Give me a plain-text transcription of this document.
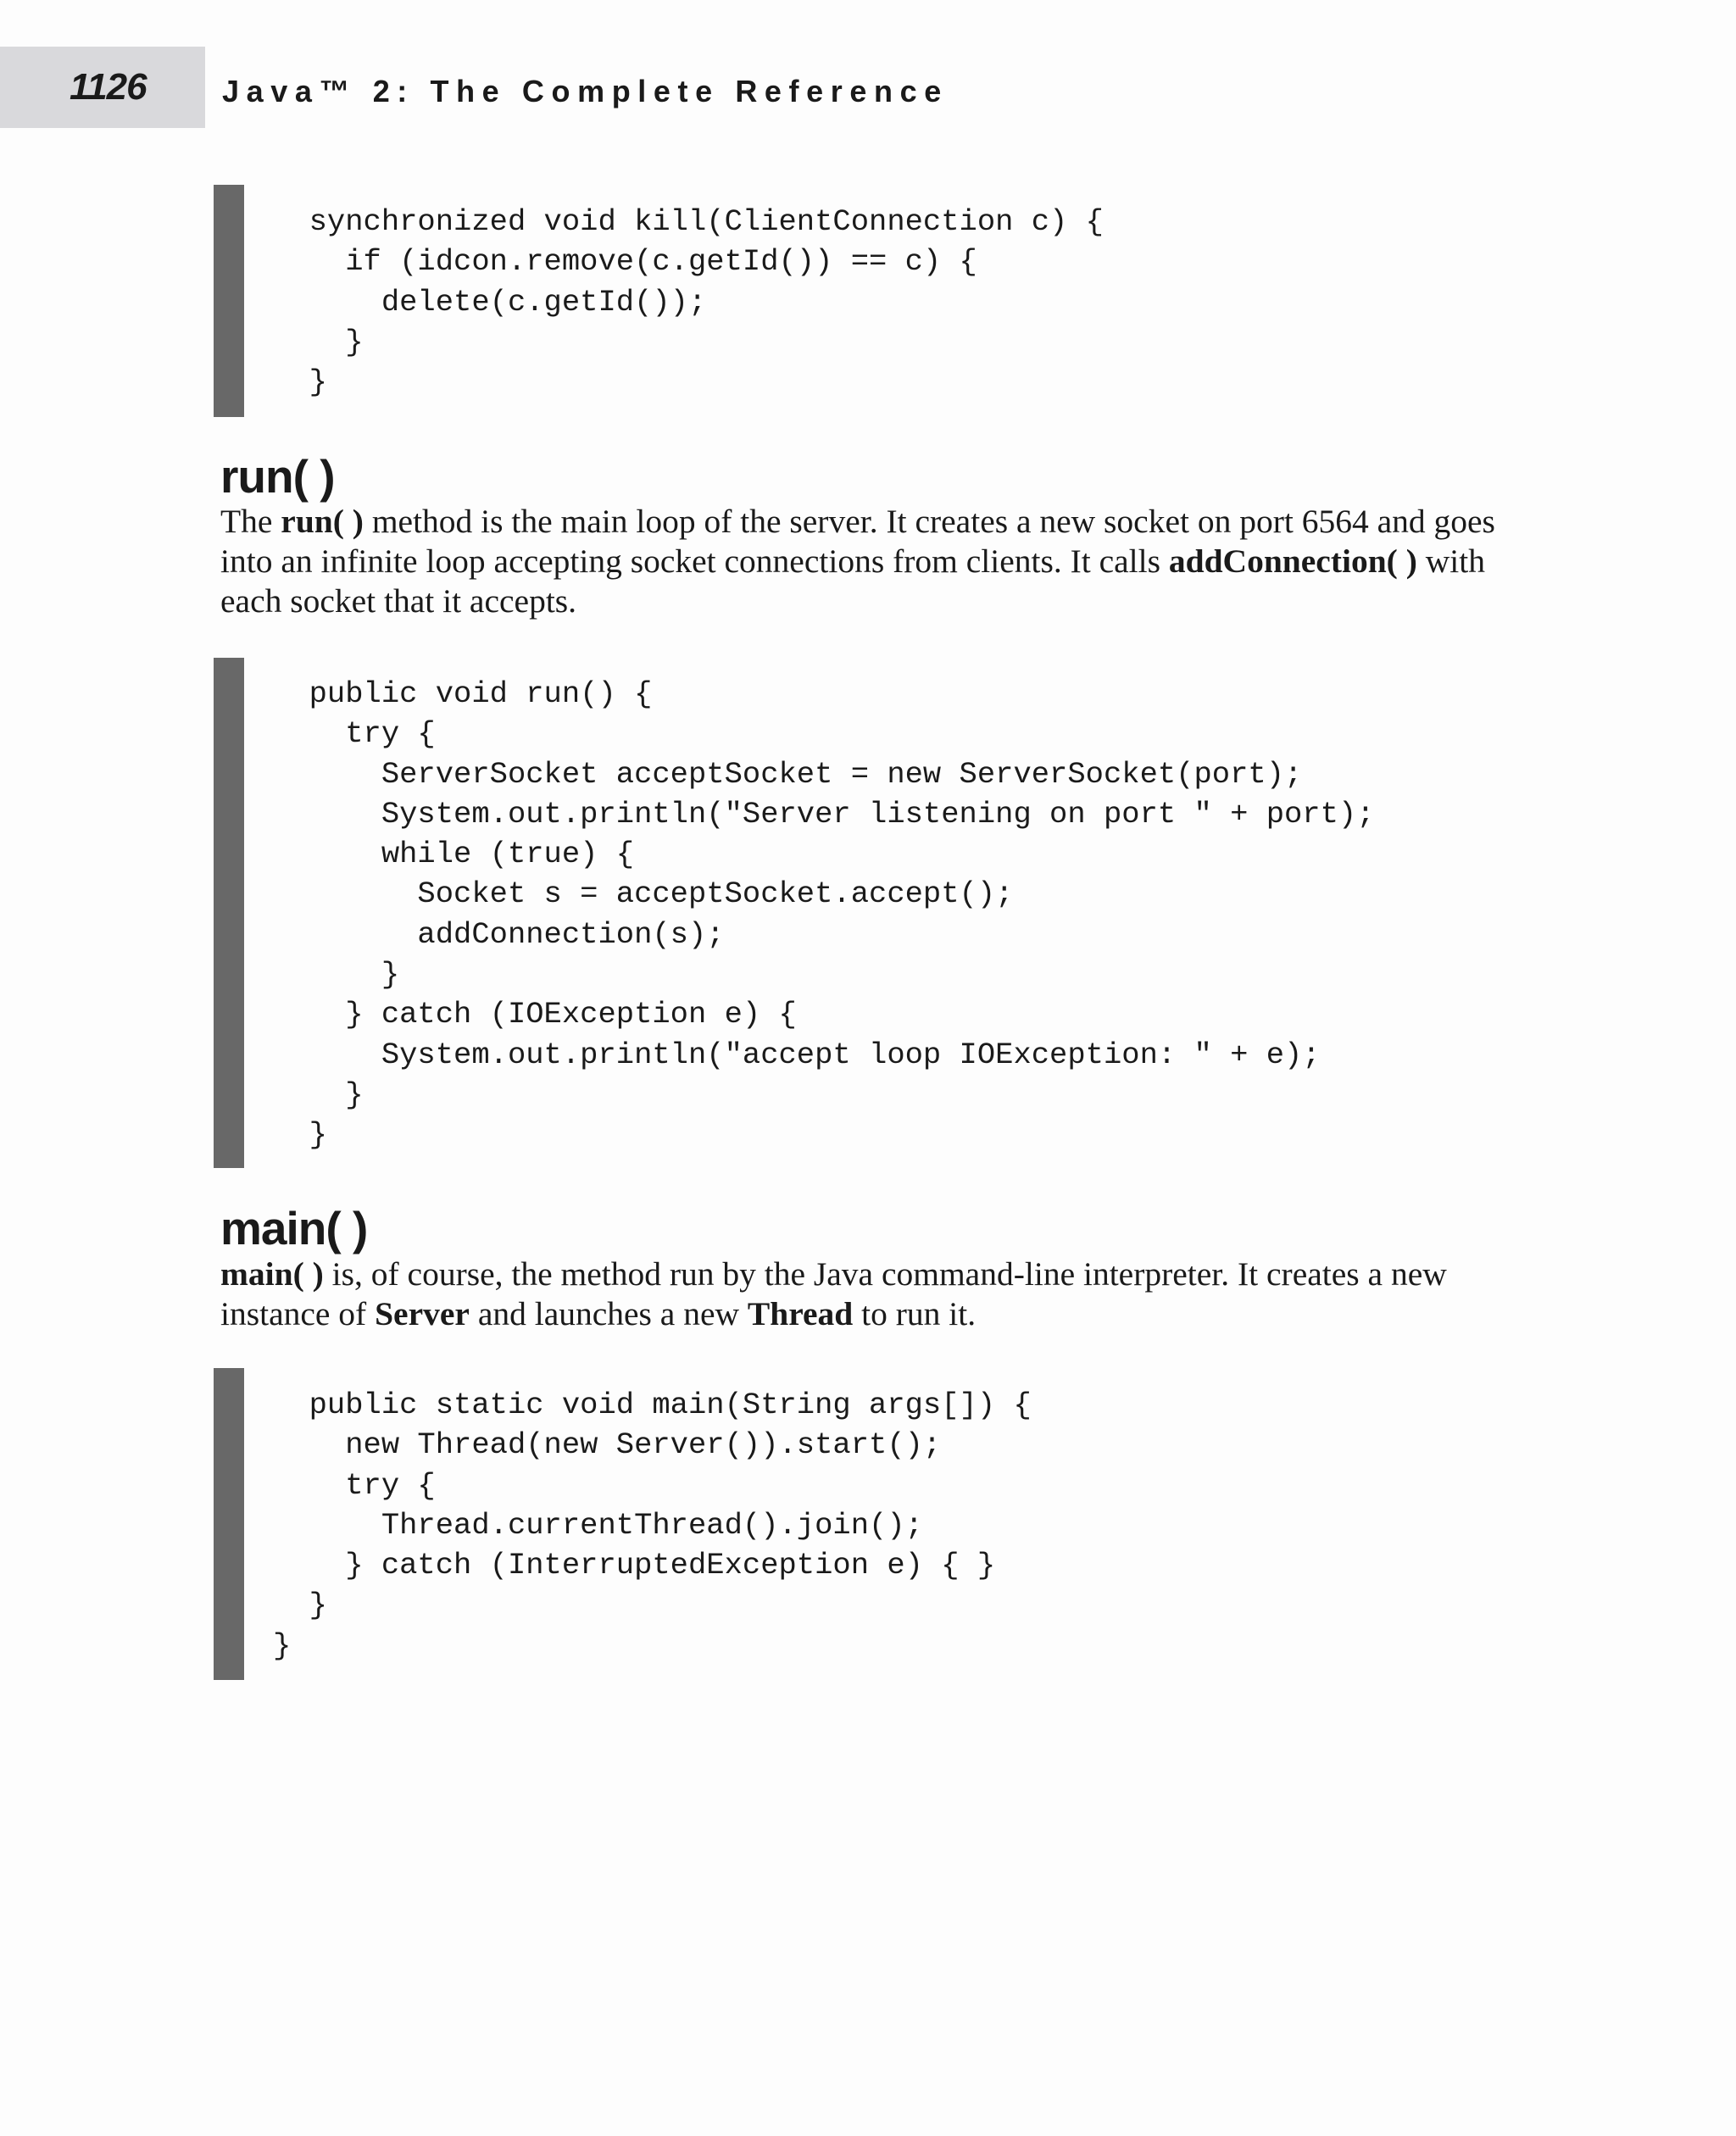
1126 Java™ 2: The Complete Reference
synchronized void kill(ClientConnection c) {
if (idcon.remove(c.getId()) == c) {
delete(c.getId());
}
}
run( )

The run( ) method is the main loop of the server. It creates a new socket on port 6564 and goes into an infinite loop accepting socket connections from clients. It calls addConnection( ) with each socket that it accepts.

public void run() {
try {
ServerSocket acceptSocket = new ServerSocket(port);
System.out.println("Server listening on port " + port);
while (true) {
Socket s = acceptSocket.accept();
addConnection(s);
}
} catch (IOException e) {
System.out.println("accept loop IOException: " + e);
}
}
main( )

main( ) is, of course, the method run by the Java command-line interpreter. It creates a new instance of Server and launches a new Thread to run it.

public static void main(String args[]) {
new Thread(new Server()).start();
try {
Thread.currentThread().join();
} catch (InterruptedException e) { }
}
}
